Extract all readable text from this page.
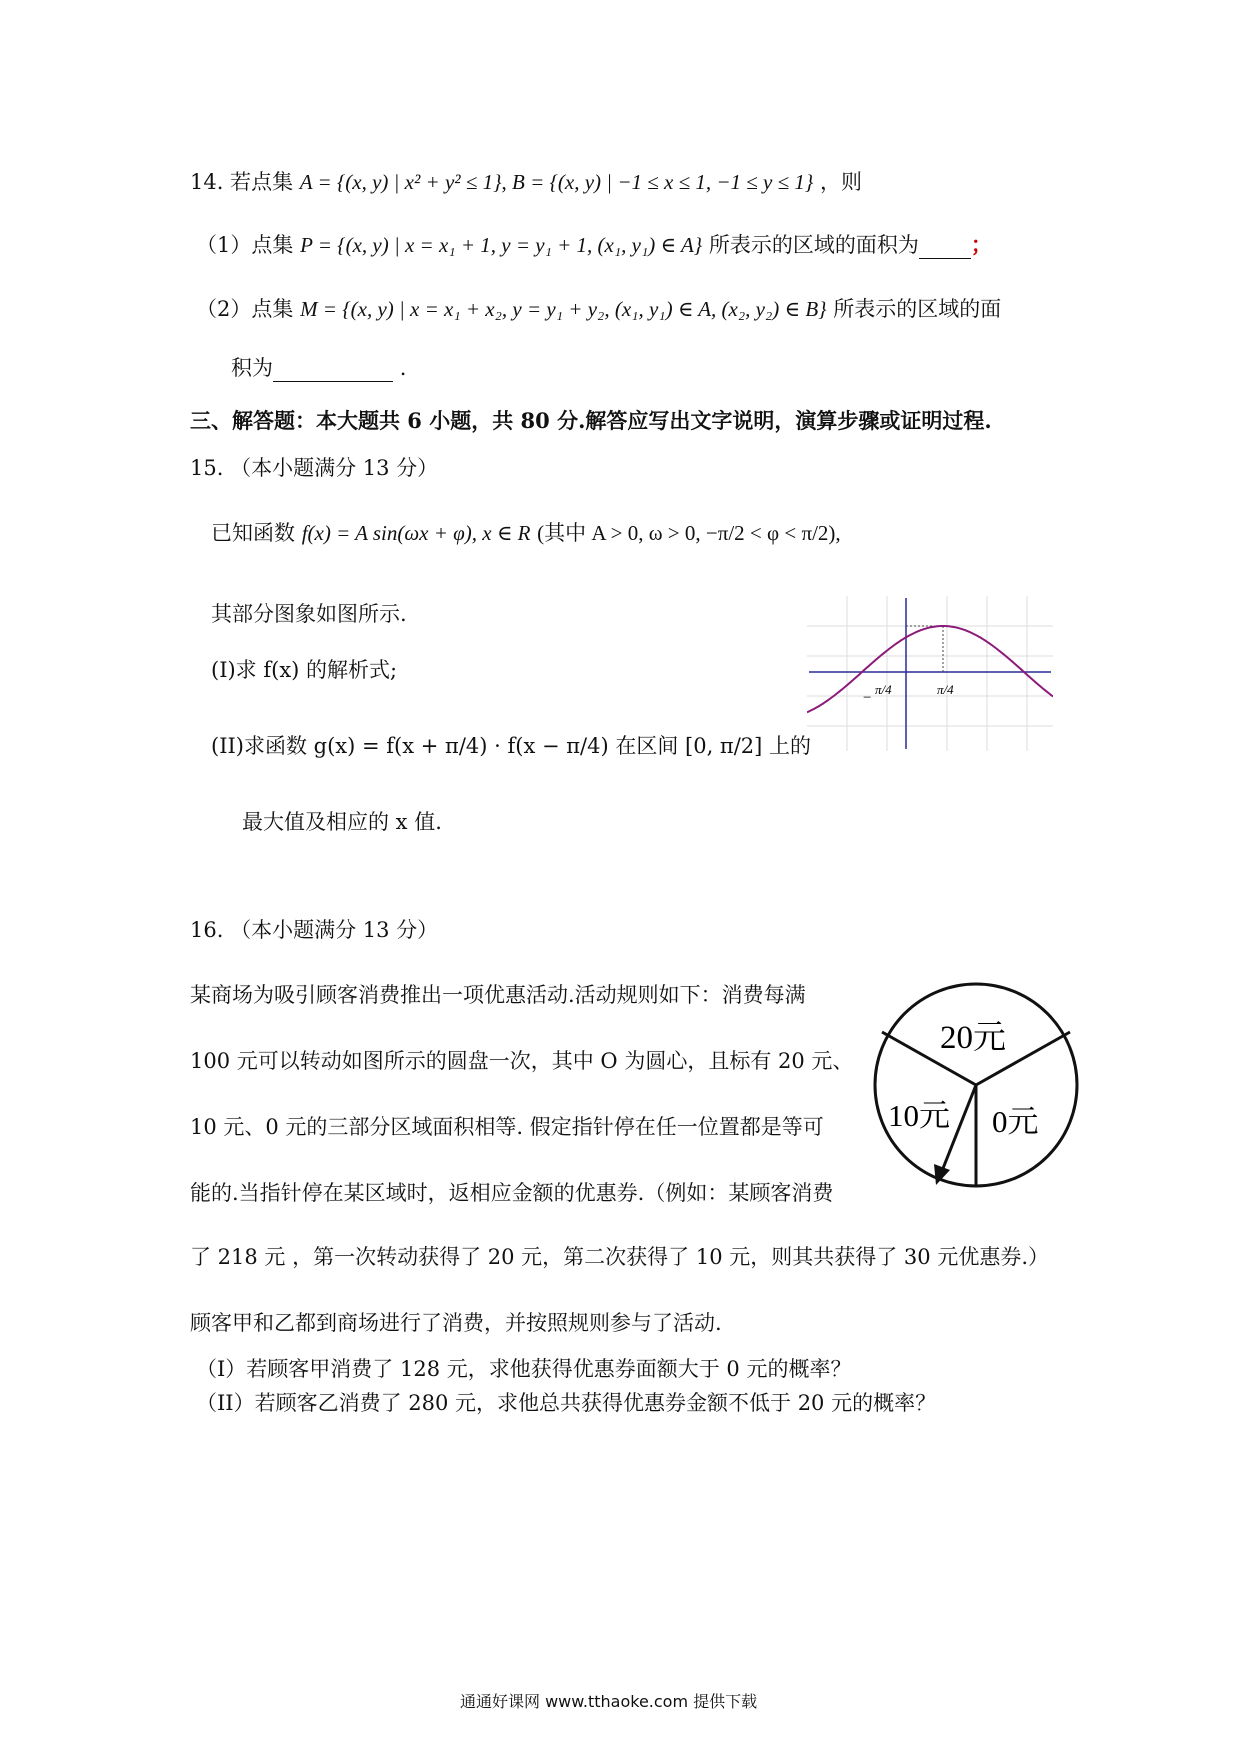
14. 若点集 A = {(x, y) | x² + y² ≤ 1}, B = {(x, y) | −1 ≤ x ≤ 1, −1 ≤ y ≤ 1} ，则
（1）点集 P = {(x, y) | x = x₁ + 1, y = y₁ + 1, (x₁, y₁) ∈ A} 所表示的区域的面积为 ；
（2）点集 M = {(x, y) | x = x₁ + x₂, y = y₁ + y₂, (x₁, y₁) ∈ A, (x₂, y₂) ∈ B} 所表示的区域的面
积为	.
三、解答题：本大题共 6 小题，共 80 分.解答应写出文字说明，演算步骤或证明过程.
15. （本小题满分 13 分）
已知函数 f(x) = A sin(ωx + φ), x ∈ R (其中 A > 0, ω > 0, −π/2 < φ < π/2),
其部分图象如图所示.
(I)求 f(x) 的解析式;
(II)求函数 g(x) = f(x + π/4) · f(x − π/4) 在区间 [0, π/2] 上的
最大值及相应的 x 值.
−
π/4	π/4
16. （本小题满分 13 分）
某商场为吸引顾客消费推出一项优惠活动.活动规则如下：消费每满
100 元可以转动如图所示的圆盘一次，其中 O 为圆心，且标有 20 元、
10 元、0 元的三部分区域面积相等. 假定指针停在任一位置都是等可
能的.当指针停在某区域时，返相应金额的优惠券.（例如：某顾客消费
了 218 元 ，第一次转动获得了 20 元，第二次获得了 10 元，则其共获得了 30 元优惠券.）
顾客甲和乙都到商场进行了消费，并按照规则参与了活动.
（I）若顾客甲消费了 128 元，求他获得优惠券面额大于 0 元的概率？
（II）若顾客乙消费了 280 元，求他总共获得优惠券金额不低于 20 元的概率？
20元
10元 0元
通通好课网 www.tthaoke.com 提供下载
